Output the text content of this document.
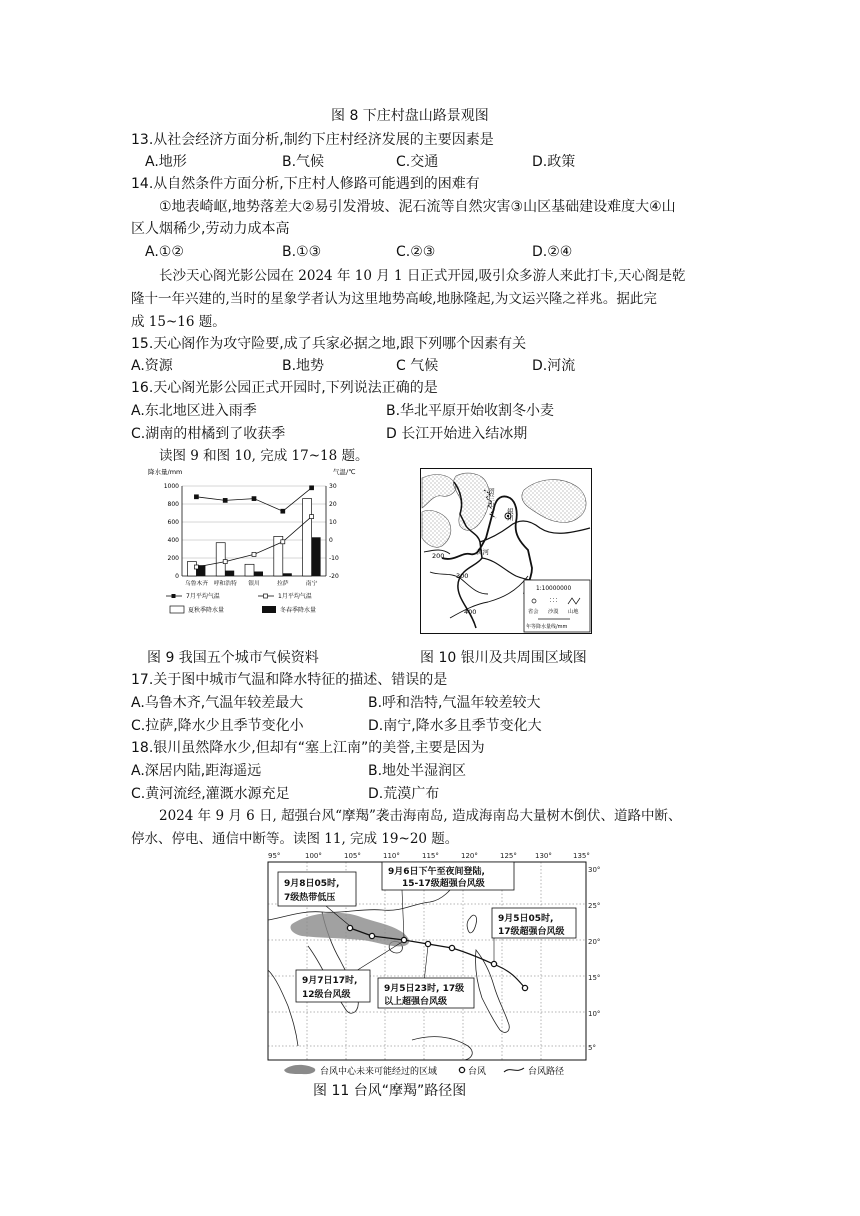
图 8 下庄村盘山路景观图
13.从社会经济方面分析,制约下庄村经济发展的主要因素是
A.地形	B.气候	C.交通	D.政策
14.从自然条件方面分析,下庄村人修路可能遇到的困难有
①地表崎岖,地势落差大②易引发滑坡、泥石流等自然灾害③山区基础建设难度大④山
区人烟稀少,劳动力成本高
A.①②	B.①③	C.②③	D.②④
长沙天心阁光影公园在 2024 年 10 月 1 日正式开园,吸引众多游人来此打卡,天心阁是乾
隆十一年兴建的,当时的星象学者认为这里地势高峻,地脉隆起,为文运兴隆之祥兆。据此完
成 15~16 题。
15.天心阁作为攻守险要,成了兵家必据之地,跟下列哪个因素有关
A.资源	B.地势	C 气候	D.河流
16.天心阁光影公园正式开园时,下列说法正确的是
A.东北地区进入雨季	B.华北平原开始收割冬小麦
C.湖南的柑橘到了收获季	D 长江开始进入结冰期
读图 9 和图 10, 完成 17~18 题。
降水量/mm	气温/℃
1000	30
800	20
600	10
400	0
200	-10
0	-20
乌鲁木齐 呼和浩特 银川	拉萨	南宁
7月平均气温	1月平均气温
夏秋季降水量	冬春季降水量
图 9 我国五个城市气候资料
贺兰山
银川
黄河
200
300
400
1:10000000
省会 沙漠 山地
年等降水量线/mm
图 10 银川及共周围区域图
17.关于图中城市气温和降水特征的描述、错误的是
A.乌鲁木齐,气温年较差最大	B.呼和浩特,气温年较差较大
C.拉萨,降水少且季节变化小	D.南宁,降水多且季节变化大
18.银川虽然降水少,但却有“塞上江南”的美誉,主要是因为
A.深居内陆,距海遥远	B.地处半湿润区
C.黄河流经,灌溉水源充足	D.荒漠广布
2024 年 9 月 6 日, 超强台风“摩羯”袭击海南岛, 造成海南岛大量树木倒伏、道路中断、
停水、停电、通信中断等。读图 11, 完成 19~20 题。
95°	100°	105°	110°	115°	120°	125°	130°	135°
30°
25°
20°
15°
10°
5°
9月6日下午至夜间登陆,
15-17级超强台风级
9月8日05时,
7级热带低压
9月5日05时,
17级超强台风级
9月7日17时,
12级台风级
9月5日23时, 17级
以上超强台风级
台风中心未来可能经过的区域	台风	台风路径
图 11 台风“摩羯”路径图
